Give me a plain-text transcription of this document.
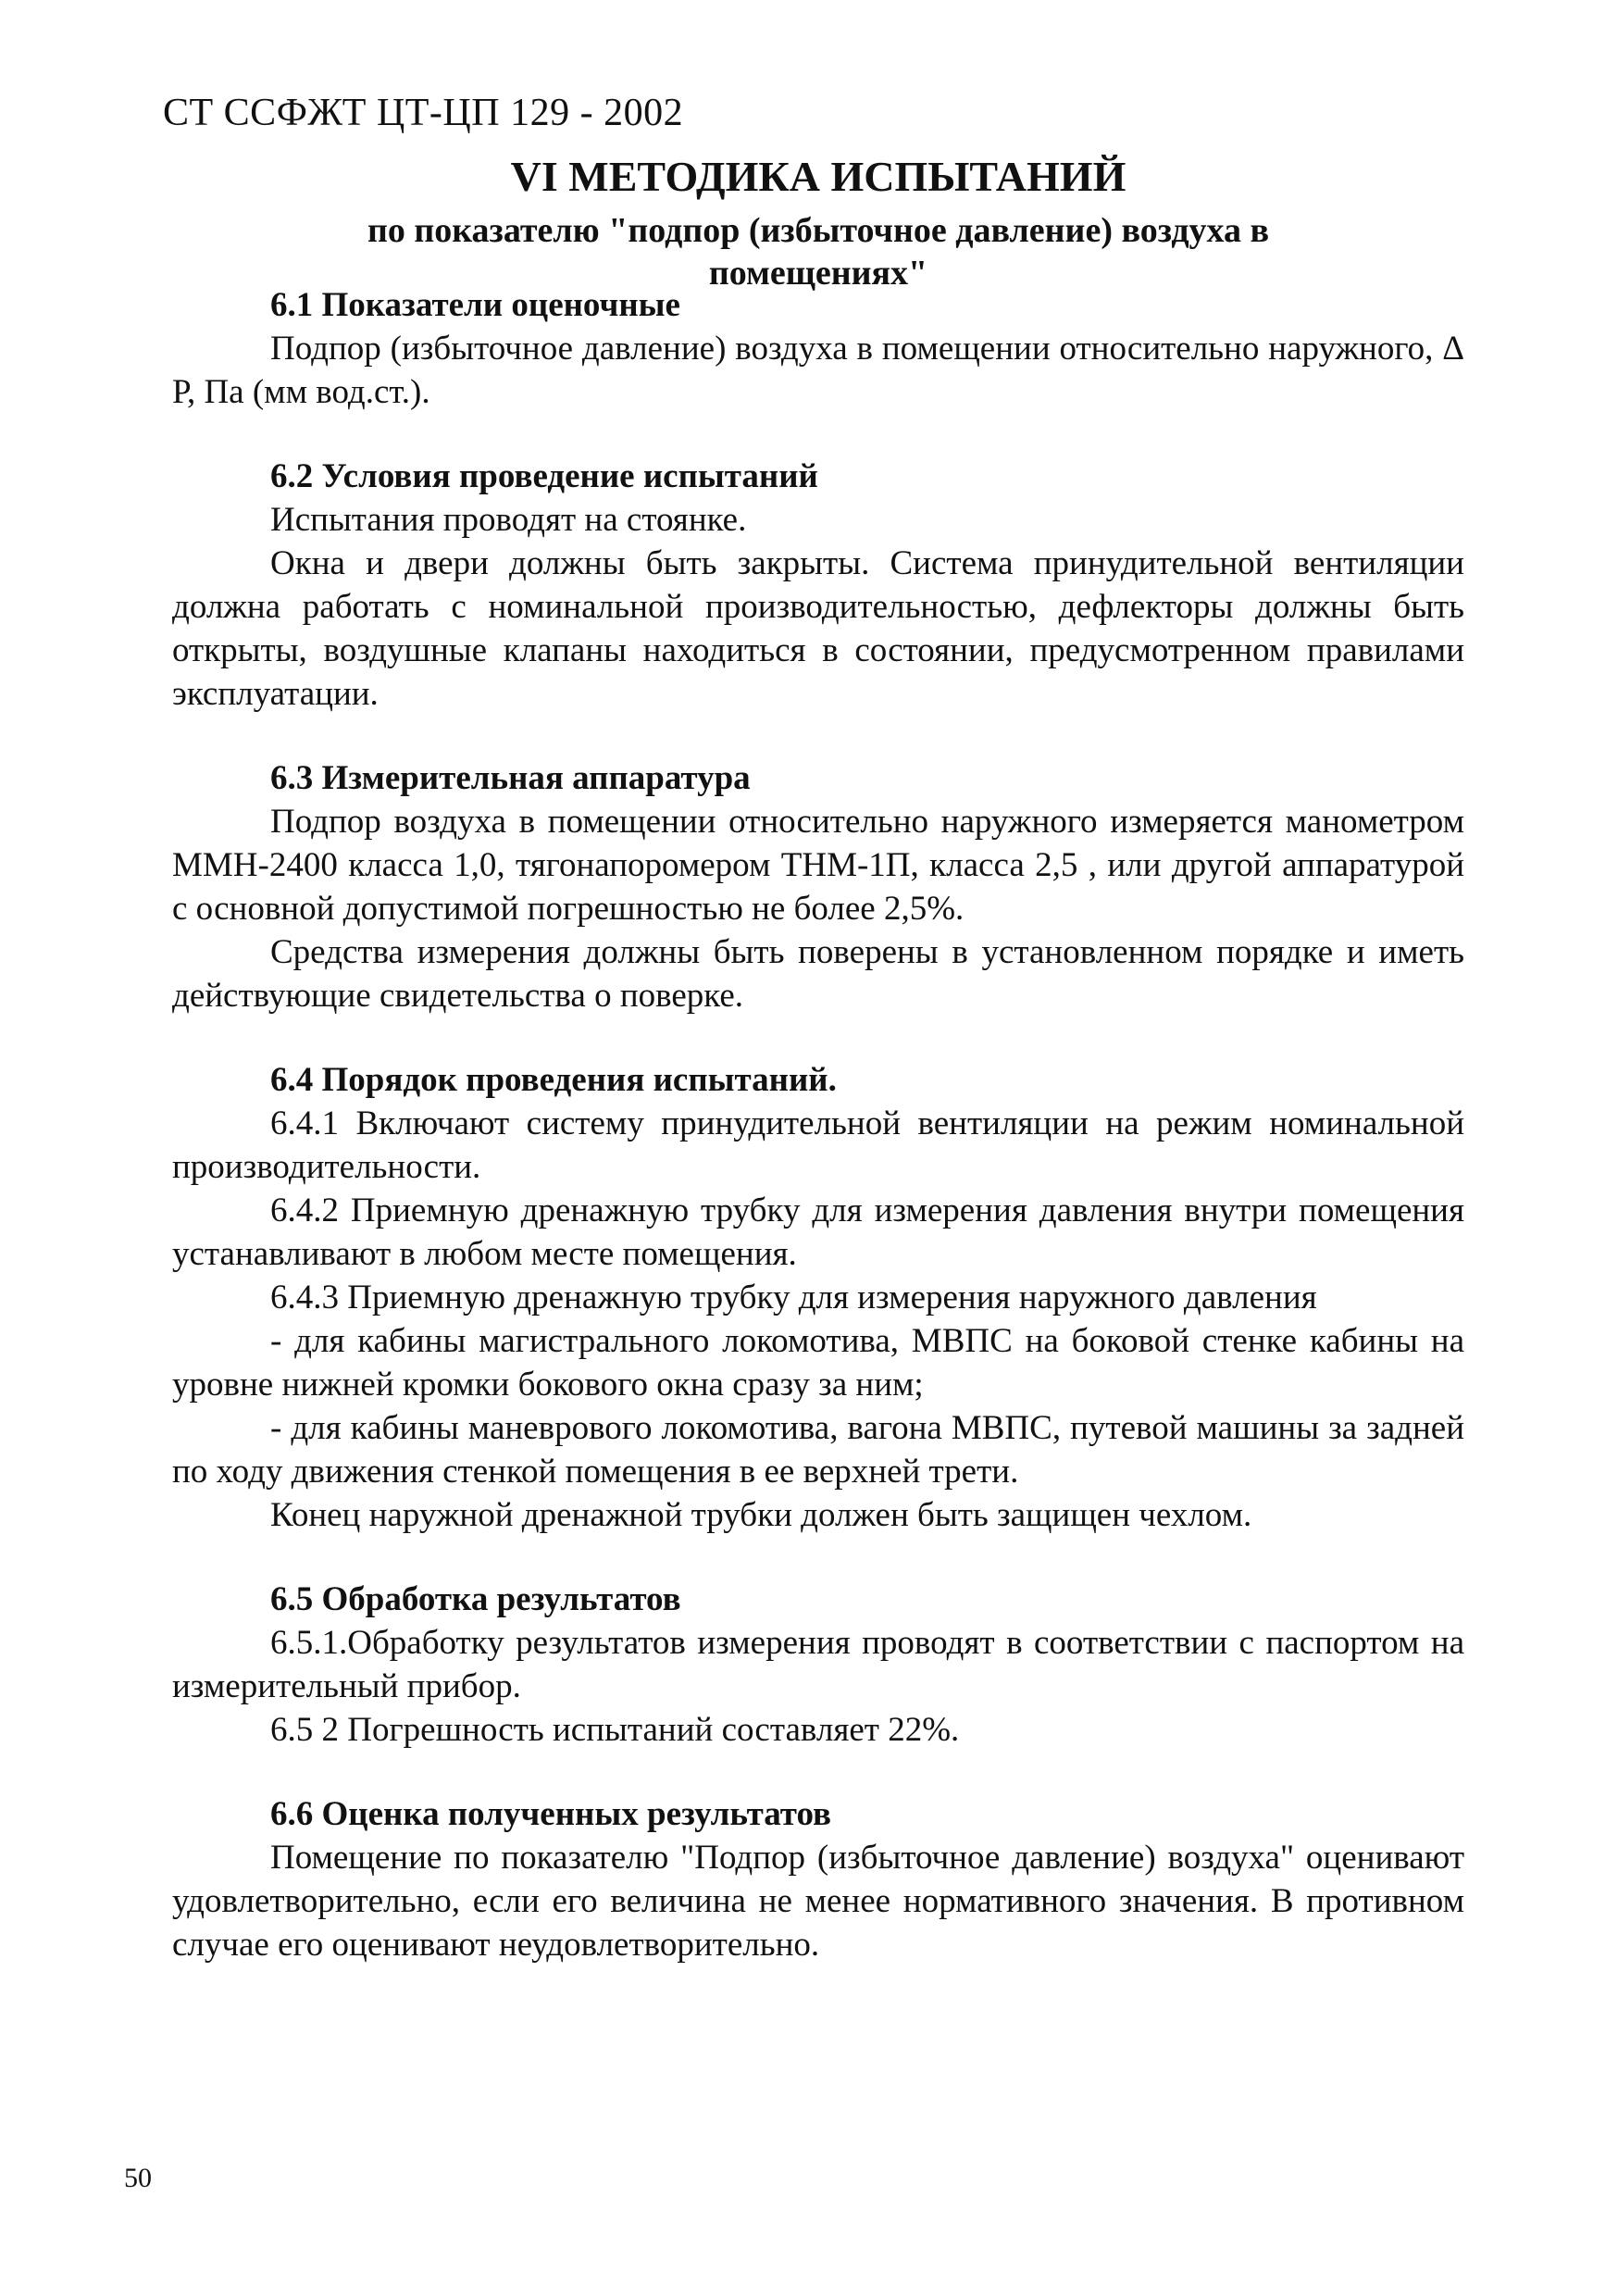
СТ ССФЖТ ЦТ-ЦП 129 - 2002
VI МЕТОДИКА ИСПЫТАНИЙ
по показателю "подпор (избыточное давление) воздуха в помещениях"

6.1 Показатели оценочные

Подпор (избыточное давление) воздуха в помещении относительно наружного, Δ Р, Па (мм вод.ст.).

6.2 Условия проведение испытаний

Испытания проводят на стоянке.

Окна и двери должны быть закрыты. Система принудительной вентиляции должна работать с номинальной производительностью, дефлекторы должны быть открыты, воздушные клапаны находиться в состоянии, предусмотренном правилами эксплуатации.

6.3 Измерительная аппаратура

Подпор воздуха в помещении относительно наружного измеряется манометром ММН-2400 класса 1,0, тягонапоромером ТНМ-1П, класса 2,5 , или другой аппаратурой с основной допустимой погрешностью не более 2,5%.

Средства измерения должны быть поверены в установленном порядке и иметь действующие свидетельства о поверке.

6.4 Порядок проведения испытаний.

6.4.1 Включают систему принудительной вентиляции на режим номинальной производительности.

6.4.2 Приемную дренажную трубку для измерения давления внутри помещения устанавливают в любом месте помещения.

6.4.3 Приемную дренажную трубку для измерения наружного давления

- для кабины магистрального локомотива, МВПС на боковой стенке кабины на уровне нижней кромки бокового окна сразу за ним;

- для кабины маневрового локомотива, вагона МВПС, путевой машины за задней по ходу движения стенкой помещения в ее верхней трети.

Конец наружной дренажной трубки должен быть защищен чехлом.

6.5 Обработка результатов

6.5.1.Обработку результатов измерения проводят в соответствии с паспортом на измерительный прибор.

6.5 2 Погрешность испытаний составляет 22%.

6.6 Оценка полученных результатов

Помещение по показателю "Подпор (избыточное давление) воздуха" оценивают удовлетворительно, если его величина не менее нормативного значения. В противном случае его оценивают неудовлетворительно.

50
